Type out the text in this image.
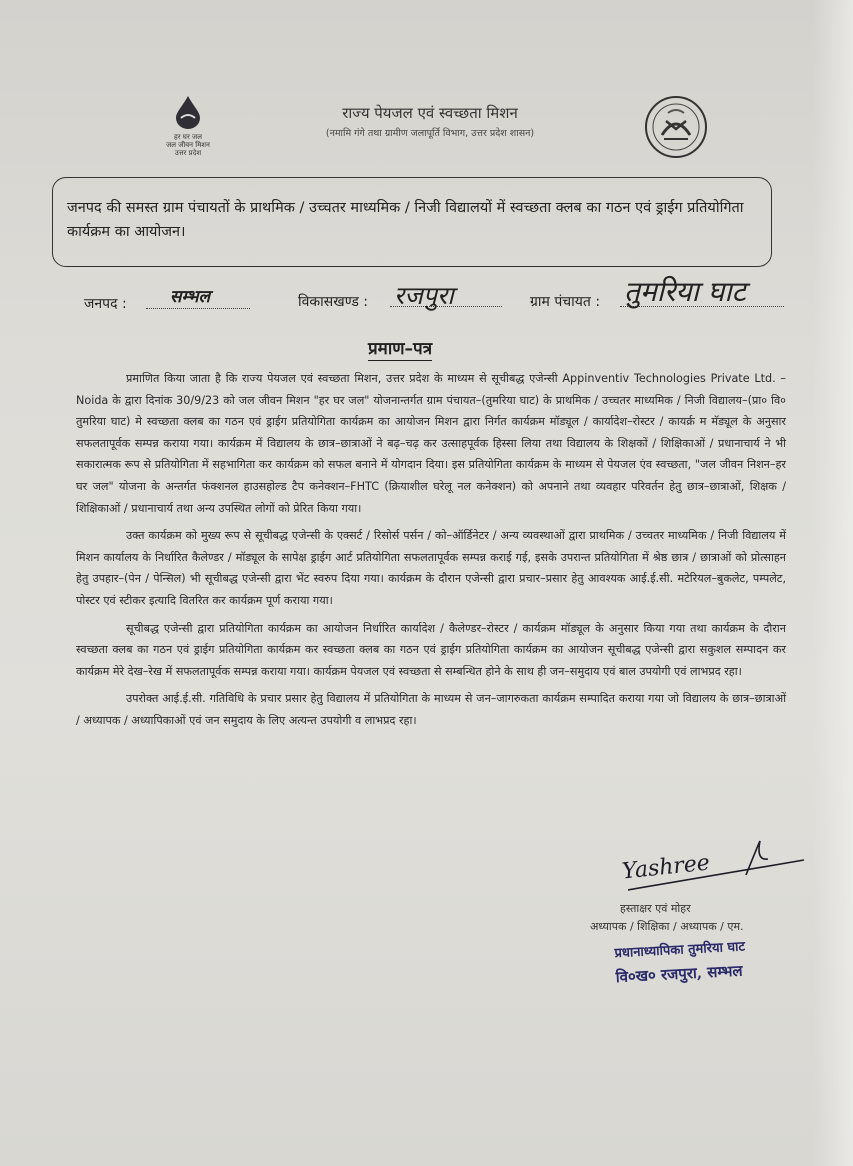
हर घर जल
जल जीवन मिशन
उत्तर प्रदेश
राज्य पेयजल एवं स्वच्छता मिशन
(नमामि गंगे तथा ग्रामीण जलापूर्ति विभाग, उत्तर प्रदेश शासन)

जनपद की समस्त ग्राम पंचायतों के प्राथमिक / उच्चतर माध्यमिक / निजी विद्यालयों में स्वच्छता क्लब का गठन एवं ड्राईग प्रतियोगिता कार्यक्रम का आयोजन।

जनपद :	सम्भल	विकासखण्ड : रजपुरा	ग्राम पंचायत : तुमरिया घाट
प्रमाण–पत्र

प्रमाणित किया जाता है कि राज्य पेयजल एवं स्वच्छता मिशन, उत्तर प्रदेश के माध्यम से सूचीबद्ध एजेन्सी Appinventiv Technologies Private Ltd. – Noida के द्वारा दिनांक 30/9/23 को जल जीवन मिशन "हर घर जल" योजनान्तर्गत ग्राम पंचायत–(तुमरिया घाट) के प्राथमिक / उच्चतर माध्यमिक / निजी विद्यालय–(प्रा० वि० तुमरिया घाट) मे स्वच्छता क्लब का गठन एवं ड्राईग प्रतियोगिता कार्यक्रम का आयोजन मिशन द्वारा निर्गत कार्यक्रम मॉड्यूल / कार्यादेश–रोस्टर / कायर्क्र म मॅड्यूल के अनुसार सफलतापूर्वक सम्पन्न कराया गया। कार्यक्रम में विद्यालय के छात्र–छात्राओं ने बढ़–चढ़ कर उत्साहपूर्वक हिस्सा लिया तथा विद्यालय के शिक्षकों / शिक्षिकाओं / प्रधानाचार्य ने भी सकारात्मक रूप से प्रतियोगिता में सहभागिता कर कार्यक्रम को सफल बनाने में योगदान दिया। इस प्रतियोगिता कार्यक्रम के माध्यम से पेयजल एंव स्वच्छता, "जल जीवन निशन–हर घर जल" योजना के अन्तर्गत फंक्शनल हाउसहोल्ड टैप कनेक्शन–FHTC (क्रियाशील घरेलू नल कनेक्शन) को अपनाने तथा व्यवहार परिवर्तन हेतु छात्र–छात्राओं, शिक्षक / शिक्षिकाओं / प्रधानाचार्य तथा अन्य उपस्थित लोगों को प्रेरित किया गया।

उक्त कार्यक्रम को मुख्य रूप से सूचीबद्ध एजेन्सी के एक्सर्ट / रिसोर्स पर्सन / को–ऑर्डिनेटर / अन्य व्यवस्थाओं द्वारा प्राथमिक / उच्चतर माध्यमिक / निजी विद्यालय में मिशन कार्यालय के निर्धारित कैलेण्डर / मॉड्यूल के सापेक्ष ड्राईग आर्ट प्रतियोगिता सफलतापूर्वक सम्पन्न कराई गई, इसके उपरान्त प्रतियोगिता में श्रेष्ठ छात्र / छात्राओं को प्रोत्साहन हेतु उपहार–(पेन / पेन्सिल) भी सूचीबद्ध एजेन्सी द्वारा भेंट स्वरुप दिया गया। कार्यक्रम के दौरान एजेन्सी द्वारा प्रचार–प्रसार हेतु आवश्यक आई.ई.सी. मटेरियल–बुकलेट, पम्पलेट, पोस्टर एवं स्टीकर इत्यादि वितरित कर कार्यक्रम पूर्ण कराया गया।

सूचीबद्ध एजेन्सी द्वारा प्रतियोगिता कार्यक्रम का आयोजन निर्धारित कार्यादेश / कैलेण्डर–रोस्टर / कार्यक्रम मॉड्यूल के अनुसार किया गया तथा कार्यक्रम के दौरान स्वच्छता क्लब का गठन एवं ड्राईग प्रतियोगिता कार्यक्रम कर स्वच्छता क्लब का गठन एवं ड्राईग प्रतियोगिता कार्यक्रम का आयोजन सूचीबद्ध एजेन्सी द्वारा सकुशल सम्पादन कर कार्यक्रम मेरे देख–रेख में सफलतापूर्वक सम्पन्न कराया गया। कार्यक्रम पेयजल एवं स्वच्छता से सम्बन्धित होने के साथ ही जन–समुदाय एवं बाल उपयोगी एवं लाभप्रद रहा।

उपरोक्त आई.ई.सी. गतिविधि के प्रचार प्रसार हेतु विद्यालय में प्रतियोगिता के माध्यम से जन–जागरुकता कार्यक्रम सम्पादित कराया गया जो विद्यालय के छात्र–छात्राओं / अध्यापक / अध्यापिकाओं एवं जन समुदाय के लिए अत्यन्त उपयोगी व लाभप्रद रहा।

Yashree
हस्ताक्षर एवं मोहर
अध्यापक / शिक्षिका / अध्यापक / एम.
प्रधानाध्यापिका तुमरिया घाट
वि०ख० रजपुरा, सम्भल
